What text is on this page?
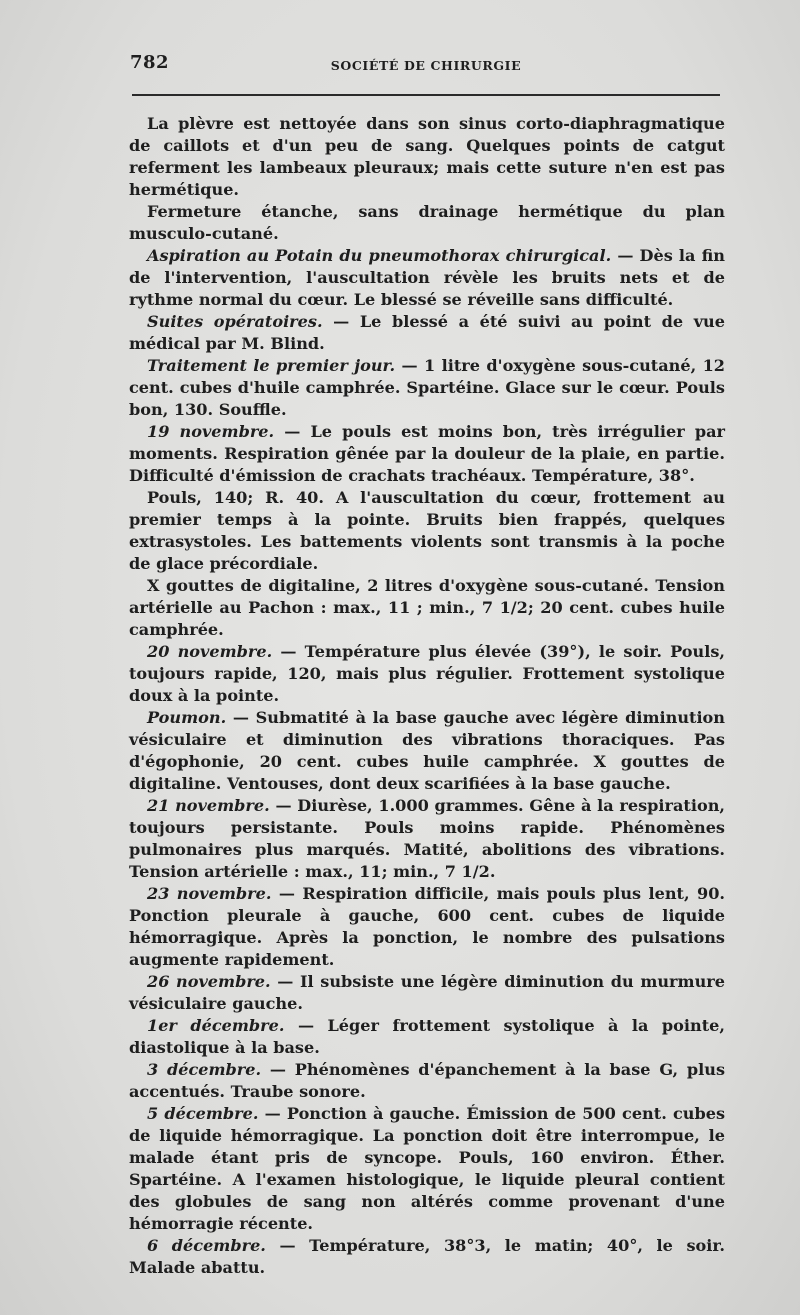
782	SOCIÉTÉ DE CHIRURGIE

La plèvre est nettoyée dans son sinus corto-diaphragmatique de caillots et d'un peu de sang. Quelques points de catgut referment les lambeaux pleuraux; mais cette suture n'en est pas hermétique.

Fermeture étanche, sans drainage hermétique du plan musculo-cutané.

Aspiration au Potain du pneumothorax chirurgical. — Dès la fin de l'intervention, l'auscultation révèle les bruits nets et de rythme normal du cœur. Le blessé se réveille sans difficulté.

Suites opératoires. — Le blessé a été suivi au point de vue médical par M. Blind.

Traitement le premier jour. — 1 litre d'oxygène sous-cutané, 12 cent. cubes d'huile camphrée. Spartéine. Glace sur le cœur. Pouls bon, 130. Souffle.

19 novembre. — Le pouls est moins bon, très irrégulier par moments. Respiration gênée par la douleur de la plaie, en partie. Difficulté d'émission de crachats trachéaux. Température, 38°.

Pouls, 140; R. 40. A l'auscultation du cœur, frottement au premier temps à la pointe. Bruits bien frappés, quelques extrasystoles. Les battements violents sont transmis à la poche de glace précordiale.

X gouttes de digitaline, 2 litres d'oxygène sous-cutané. Tension artérielle au Pachon : max., 11 ; min., 7 1/2; 20 cent. cubes huile camphrée.

20 novembre. — Température plus élevée (39°), le soir. Pouls, toujours rapide, 120, mais plus régulier. Frottement systolique doux à la pointe.

Poumon. — Submatité à la base gauche avec légère diminution vésiculaire et diminution des vibrations thoraciques. Pas d'égophonie, 20 cent. cubes huile camphrée. X gouttes de digitaline. Ventouses, dont deux scarifiées à la base gauche.

21 novembre. — Diurèse, 1.000 grammes. Gêne à la respiration, toujours persistante. Pouls moins rapide. Phénomènes pulmonaires plus marqués. Matité, abolitions des vibrations. Tension artérielle : max., 11; min., 7 1/2.

23 novembre. — Respiration difficile, mais pouls plus lent, 90. Ponction pleurale à gauche, 600 cent. cubes de liquide hémorragique. Après la ponction, le nombre des pulsations augmente rapidement.

26 novembre. — Il subsiste une légère diminution du murmure vésiculaire gauche.

1er décembre. — Léger frottement systolique à la pointe, diastolique à la base.

3 décembre. — Phénomènes d'épanchement à la base G, plus accentués. Traube sonore.

5 décembre. — Ponction à gauche. Émission de 500 cent. cubes de liquide hémorragique. La ponction doit être interrompue, le malade étant pris de syncope. Pouls, 160 environ. Éther. Spartéine. A l'examen histologique, le liquide pleural contient des globules de sang non altérés comme provenant d'une hémorragie récente.

6 décembre. — Température, 38°3, le matin; 40°, le soir. Malade abattu.
